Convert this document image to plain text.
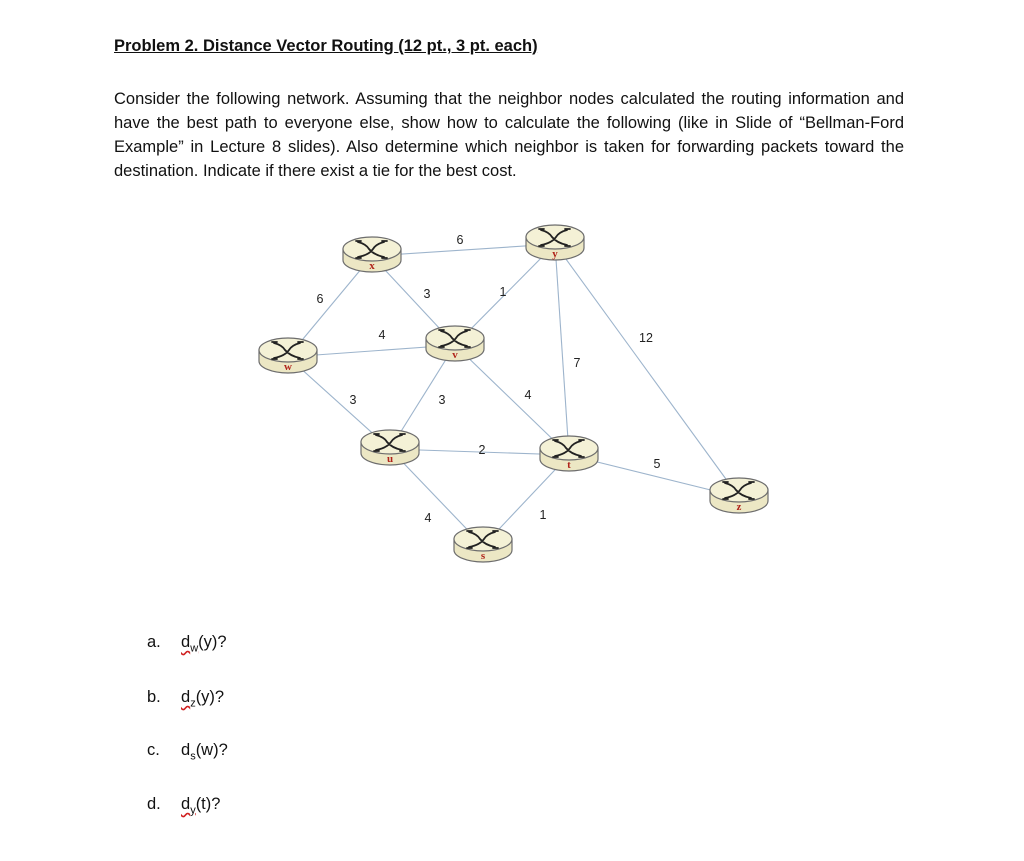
Problem 2. Distance Vector Routing (12 pt., 3 pt. each)

Consider the following network. Assuming that the neighbor nodes calculated the routing information and have the best path to everyone else, show how to calculate the following (like in Slide of “Bellman-Ford Example” in Lecture 8 slides). Also determine which neighbor is taken for forwarding packets toward the destination. Indicate if there exist a tie for the best cost.

6
6	3	1
7
12
4
3	3	4
2
4	1
5
x
y
w
v
u	t
z
s

a. $d_w(y)$?

b. $d_z(y)$?

c. $d_s(w)$?

d. $d_y(t)$?
